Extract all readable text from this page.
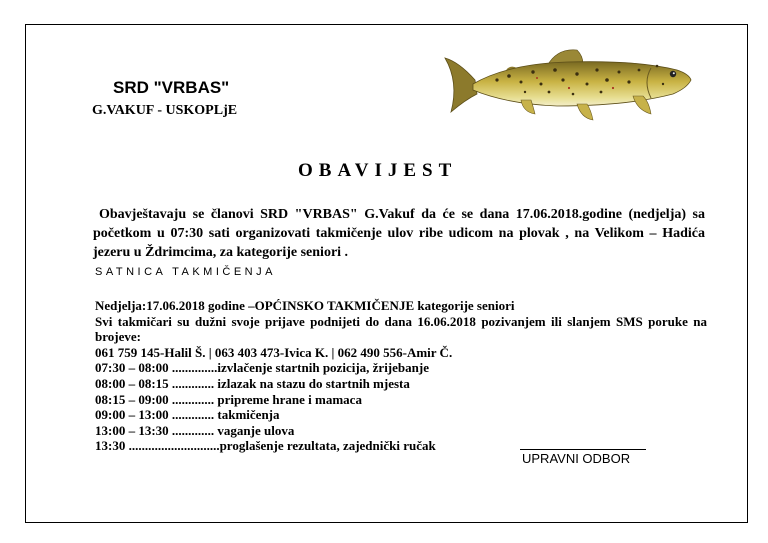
SRD "VRBAS"
G.VAKUF - USKOPLjE
OBAVIJEST
Obavještavaju se članovi SRD "VRBAS" G.Vakuf da će se dana 17.06.2018.godine (nedjelja) sa početkom u 07:30 sati organizovati takmičenje ulov ribe udicom na plovak , na Velikom – Hadića jezeru u Ždrimcima, za kategorije seniori .
SATNICA TAKMIČENJA
Nedjelja:17.06.2018 godine –OPĆINSKO TAKMIČENJE kategorije seniori
Svi takmičari su dužni svoje prijave podnijeti do dana 16.06.2018 pozivanjem ili slanjem SMS poruke na brojeve:
061 759 145-Halil Š. | 063 403 473-Ivica K. | 062 490 556-Amir Č.
07:30 – 08:00 ..............izvlačenje startnih pozicija, žrijebanje
08:00 – 08:15 ............. izlazak na stazu do startnih mjesta
08:15 – 09:00 ............. pripreme hrane i mamaca
09:00 – 13:00 ............. takmičenja
13:00 – 13:30 ............. vaganje ulova
13:30 ............................proglašenje rezultata, zajednički ručak
UPRAVNI ODBOR
